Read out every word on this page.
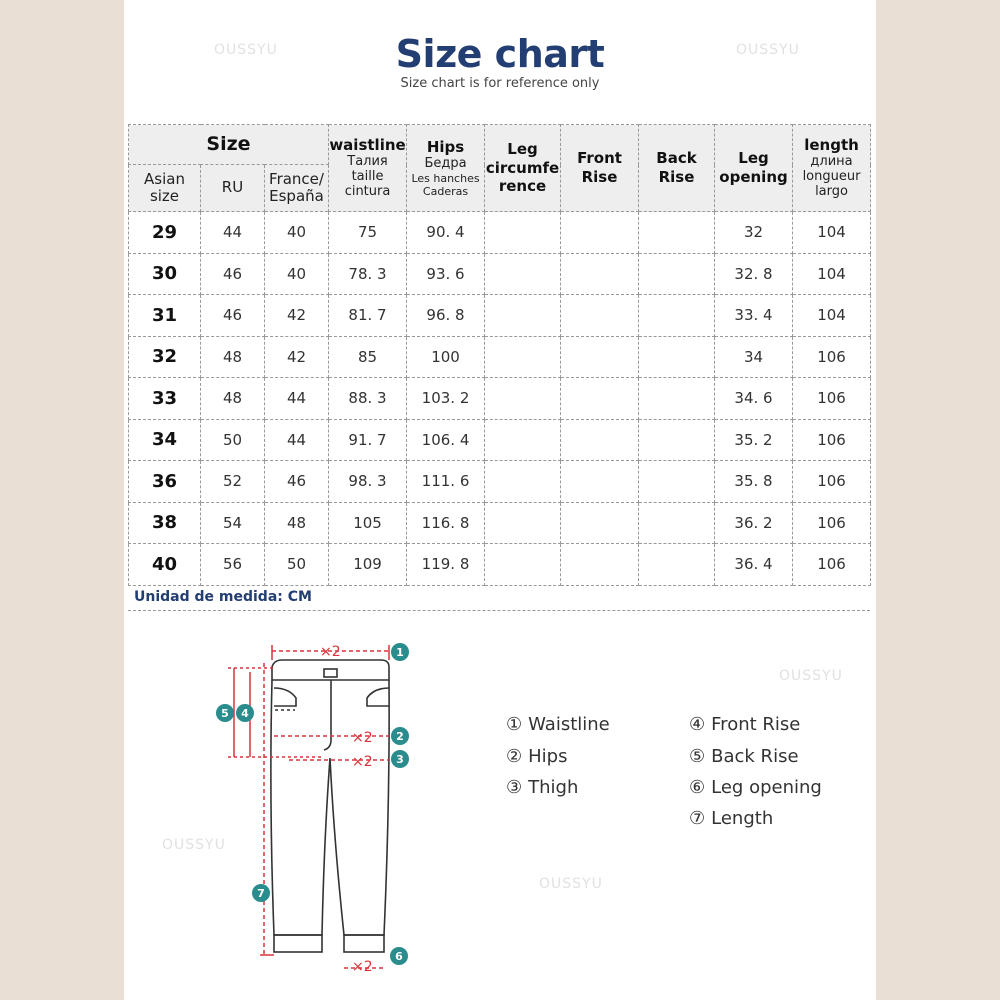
OUSSYU	OUSSYU
OUSSYU
OUSSYU
OUSSYU
Size chart
Size chart is for reference only
Size			waistline
Талия
taille
cintura	Hips
Бедра
Les hanches
Caderas	Leg
circumfe
rence	Front
Rise	Back
Rise	Leg
opening	length
длина
longueur
largo

Asian
size	RU	France/
España							

29	44	40	75	90. 4				32	104
30	46	40	78. 3	93. 6				32. 8	104
31	46	42	81. 7	96. 8				33. 4	104
32	48	42	85	100				34	106
33	48	44	88. 3	103. 2				34. 6	106
34	50	44	91. 7	106. 4				35. 2	106
36	52	46	98. 3	111. 6				35. 8	106
38	54	48	105	116. 8				36. 2	106
40	56	50	109	119. 8				36. 4	106
Unidad de medida: CM
×2
×2
×2
×2
1
2
3
4
5
6
7
① Waistline
② Hips
③ Thigh
④ Front Rise
⑤ Back Rise
⑥ Leg opening
⑦ Length
